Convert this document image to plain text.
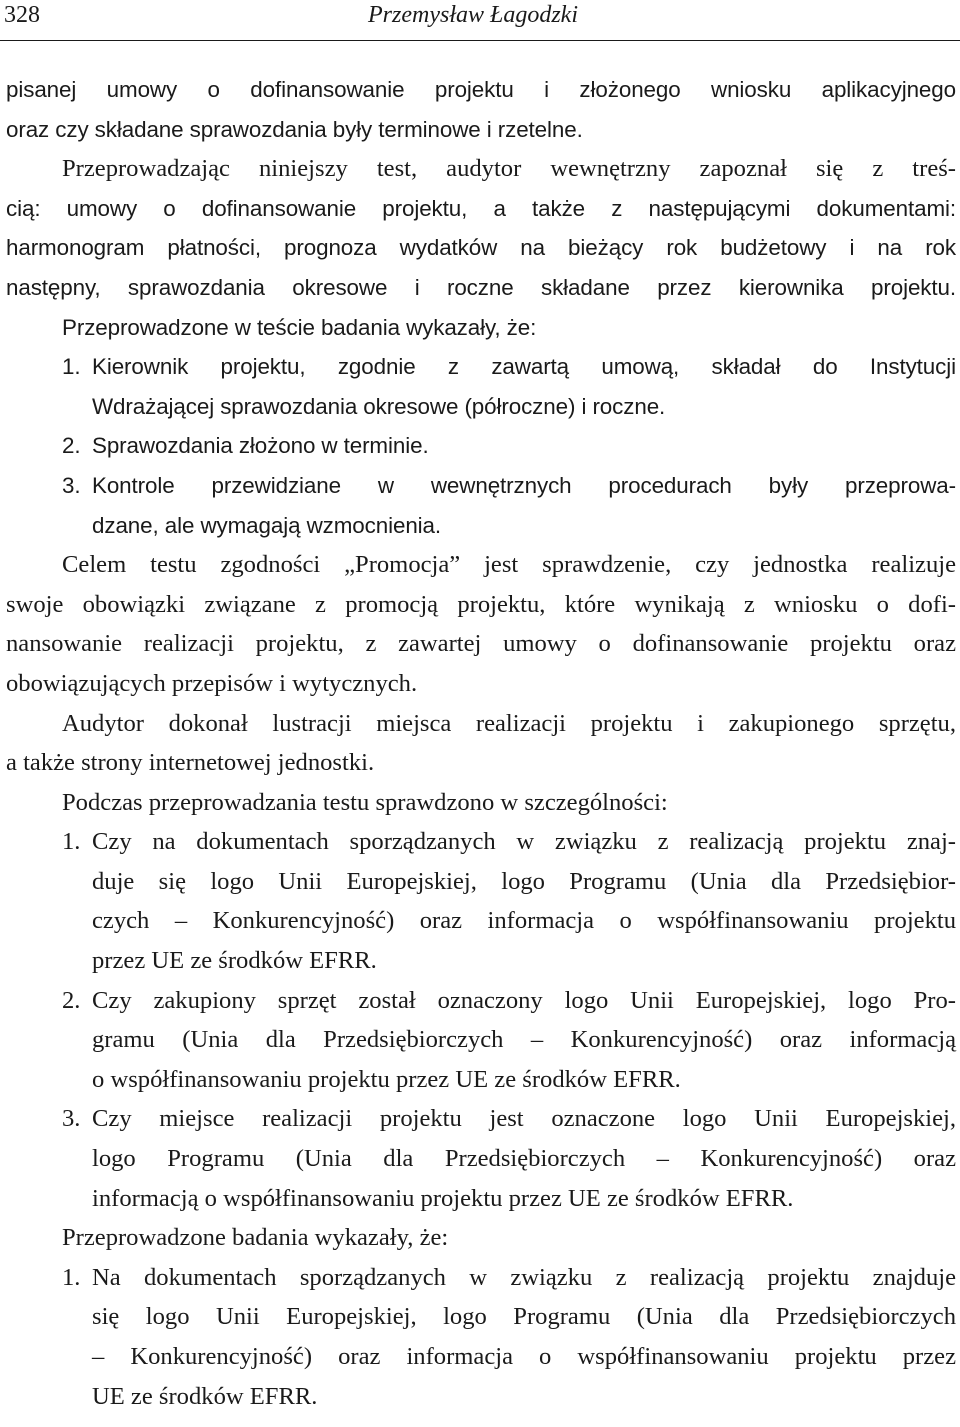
328	Przemysław Łagodzki
pisanej umowy o dofinansowanie projektu i złożonego wniosku aplikacyjnego
oraz czy składane sprawozdania były terminowe i rzetelne.
Przeprowadzając niniejszy test, audytor wewnętrzny zapoznał się z treś-
cią: umowy o dofinansowanie projektu, a także z następującymi dokumentami:
harmonogram płatności, prognoza wydatków na bieżący rok budżetowy i na rok
następny, sprawozdania okresowe i roczne składane przez kierownika projektu.
Przeprowadzone w teście badania wykazały, że:
1. Kierownik projektu, zgodnie z zawartą umową, składał do Instytucji
Wdrażającej sprawozdania okresowe (półroczne) i roczne.
2. Sprawozdania złożono w terminie.
3. Kontrole przewidziane w wewnętrznych procedurach były przeprowa-
dzane, ale wymagają wzmocnienia.
Celem testu zgodności „Promocja” jest sprawdzenie, czy jednostka realizuje
swoje obowiązki związane z promocją projektu, które wynikają z wniosku o dofi-
nansowanie realizacji projektu, z zawartej umowy o dofinansowanie projektu oraz
obowiązujących przepisów i wytycznych.
Audytor dokonał lustracji miejsca realizacji projektu i zakupionego sprzętu,
a także strony internetowej jednostki.
Podczas przeprowadzania testu sprawdzono w szczególności:
1. Czy na dokumentach sporządzanych w związku z realizacją projektu znaj-
duje się logo Unii Europejskiej, logo Programu (Unia dla Przedsiębior-
czych – Konkurencyjność) oraz informacja o współfinansowaniu projektu
przez UE ze środków EFRR.
2. Czy zakupiony sprzęt został oznaczony logo Unii Europejskiej, logo Pro-
gramu (Unia dla Przedsiębiorczych – Konkurencyjność) oraz informacją
o współfinansowaniu projektu przez UE ze środków EFRR.
3. Czy miejsce realizacji projektu jest oznaczone logo Unii Europejskiej,
logo Programu (Unia dla Przedsiębiorczych – Konkurencyjność) oraz
informacją o współfinansowaniu projektu przez UE ze środków EFRR.
Przeprowadzone badania wykazały, że:
1. Na dokumentach sporządzanych w związku z realizacją projektu znajduje
się logo Unii Europejskiej, logo Programu (Unia dla Przedsiębiorczych
– Konkurencyjność) oraz informacja o współfinansowaniu projektu przez
UE ze środków EFRR.
